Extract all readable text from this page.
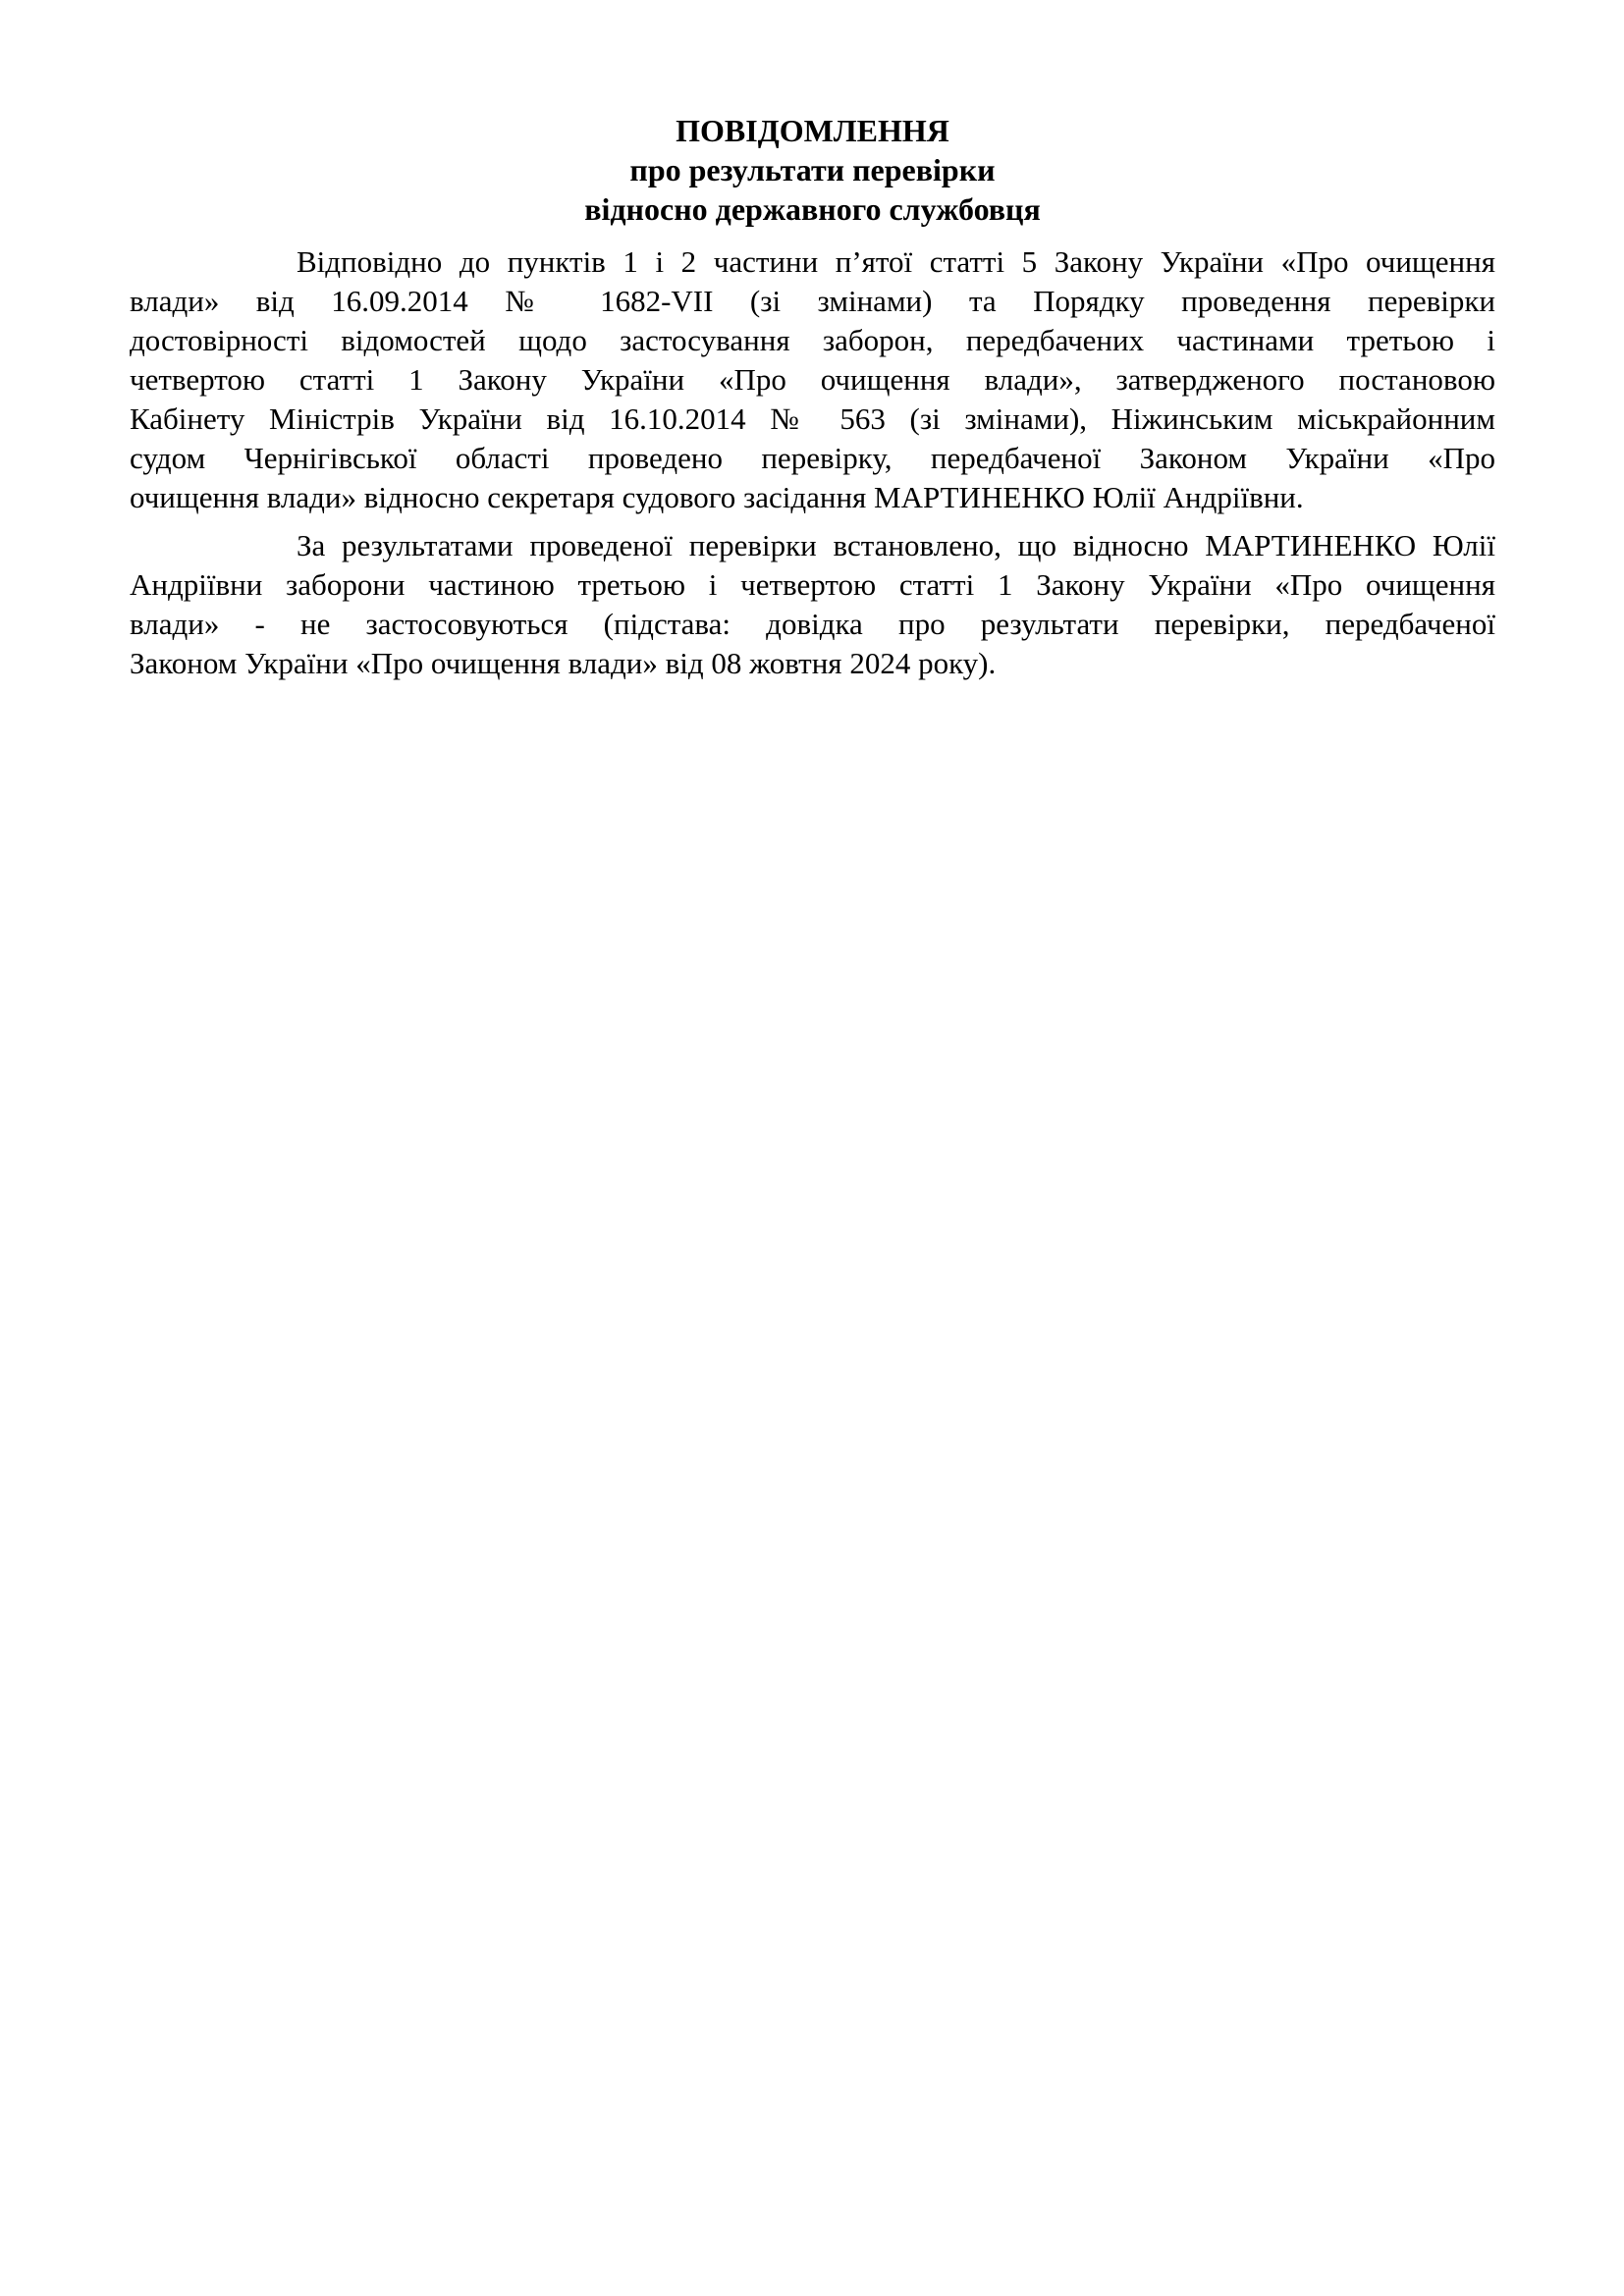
ПОВІДОМЛЕННЯ
про результати перевірки
відносно державного службовця
Відповідно до пунктів 1 і 2 частини п’ятої статті 5 Закону України «Про очищення
влади» від 16.09.2014 № 1682-VII (зі змінами) та Порядку проведення перевірки
достовірності відомостей щодо застосування заборон, передбачених частинами третьою і
четвертою статті 1 Закону України «Про очищення влади», затвердженого постановою
Кабінету Міністрів України від 16.10.2014 № 563 (зі змінами), Ніжинським міськрайонним
судом Чернігівської області проведено перевірку, передбаченої Законом України «Про
очищення влади» відносно секретаря судового засідання МАРТИНЕНКО Юлії Андріївни.
За результатами проведеної перевірки встановлено, що відносно МАРТИНЕНКО Юлії
Андріївни заборони частиною третьою і четвертою статті 1 Закону України «Про очищення
влади» - не застосовуються (підстава: довідка про результати перевірки, передбаченої
Законом України «Про очищення влади» від 08 жовтня 2024 року).
